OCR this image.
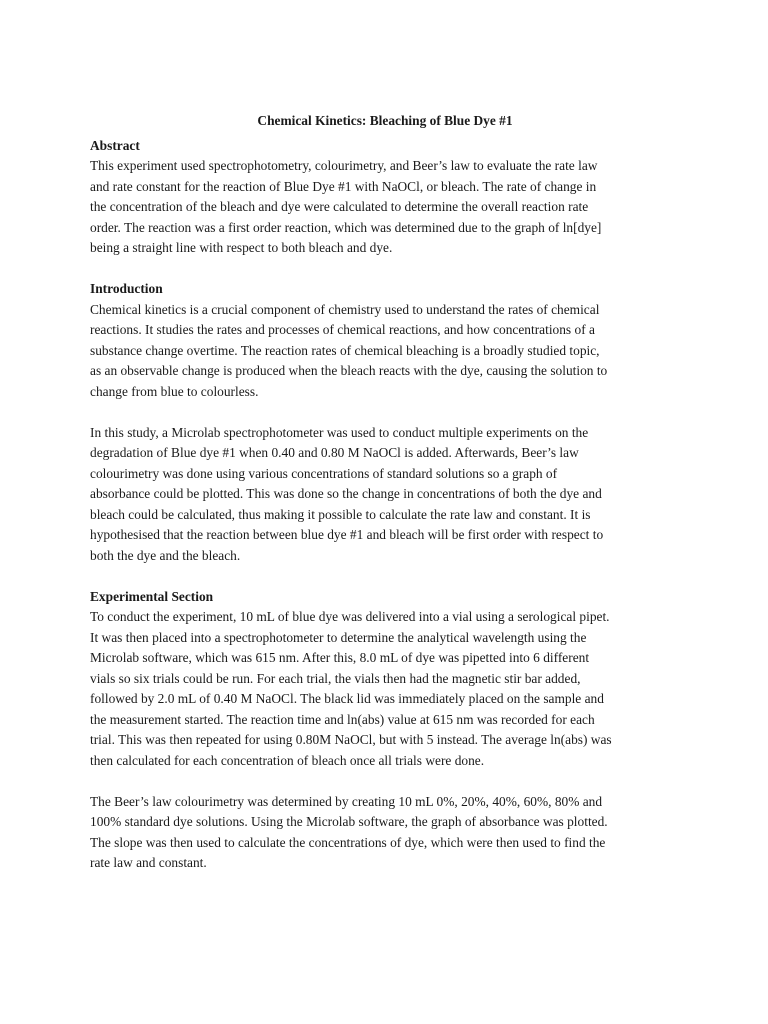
Chemical Kinetics: Bleaching of Blue Dye #1

Abstract

This experiment used spectrophotometry, colourimetry, and Beer’s law to evaluate the rate law
and rate constant for the reaction of Blue Dye #1 with NaOCl, or bleach. The rate of change in
the concentration of the bleach and dye were calculated to determine the overall reaction rate
order. The reaction was a first order reaction, which was determined due to the graph of ln[dye]
being a straight line with respect to both bleach and dye.

Introduction

Chemical kinetics is a crucial component of chemistry used to understand the rates of chemical
reactions. It studies the rates and processes of chemical reactions, and how concentrations of a
substance change overtime. The reaction rates of chemical bleaching is a broadly studied topic,
as an observable change is produced when the bleach reacts with the dye, causing the solution to
change from blue to colourless.

In this study, a Microlab spectrophotometer was used to conduct multiple experiments on the
degradation of Blue dye #1 when 0.40 and 0.80 M NaOCl is added. Afterwards, Beer’s law
colourimetry was done using various concentrations of standard solutions so a graph of
absorbance could be plotted. This was done so the change in concentrations of both the dye and
bleach could be calculated, thus making it possible to calculate the rate law and constant. It is
hypothesised that the reaction between blue dye #1 and bleach will be first order with respect to
both the dye and the bleach.

Experimental Section

To conduct the experiment, 10 mL of blue dye was delivered into a vial using a serological pipet.
It was then placed into a spectrophotometer to determine the analytical wavelength using the
Microlab software, which was 615 nm. After this, 8.0 mL of dye was pipetted into 6 different
vials so six trials could be run. For each trial, the vials then had the magnetic stir bar added,
followed by 2.0 mL of 0.40 M NaOCl. The black lid was immediately placed on the sample and
the measurement started. The reaction time and ln(abs) value at 615 nm was recorded for each
trial. This was then repeated for using 0.80M NaOCl, but with 5 instead. The average ln(abs) was
then calculated for each concentration of bleach once all trials were done.

The Beer’s law colourimetry was determined by creating 10 mL 0%, 20%, 40%, 60%, 80% and
100% standard dye solutions. Using the Microlab software, the graph of absorbance was plotted.
The slope was then used to calculate the concentrations of dye, which were then used to find the
rate law and constant.
